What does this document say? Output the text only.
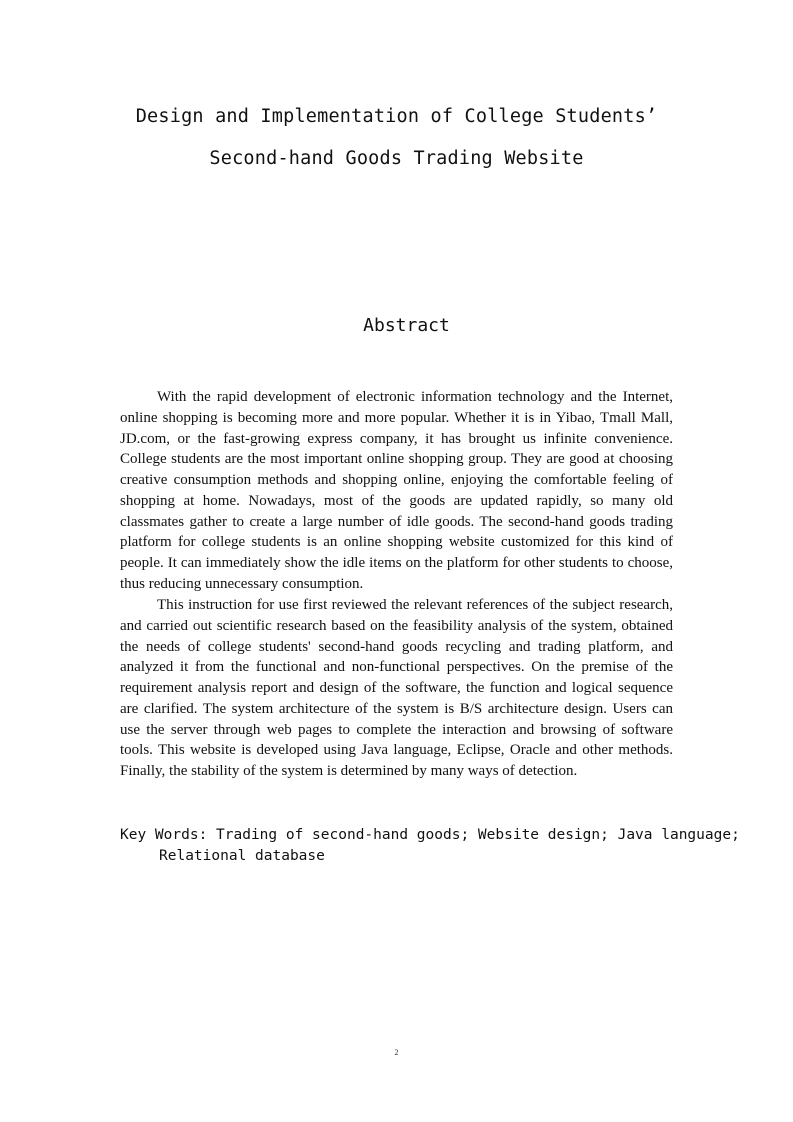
Design and Implementation of College Students’
Second-hand Goods Trading Website
Abstract

With the rapid development of electronic information technology and the Internet, online shopping is becoming more and more popular. Whether it is in Yibao, Tmall Mall, JD.com, or the fast-growing express company, it has brought us infinite convenience. College students are the most important online shopping group. They are good at choosing creative consumption methods and shopping online, enjoying the comfortable feeling of shopping at home. Nowadays, most of the goods are updated rapidly, so many old classmates gather to create a large number of idle goods. The second-hand goods trading platform for college students is an online shopping website customized for this kind of people. It can immediately show the idle items on the platform for other students to choose, thus reducing unnecessary consumption.

This instruction for use first reviewed the relevant references of the subject research, and carried out scientific research based on the feasibility analysis of the system, obtained the needs of college students' second-hand goods recycling and trading platform, and analyzed it from the functional and non-functional perspectives. On the premise of the requirement analysis report and design of the software, the function and logical sequence are clarified. The system architecture of the system is B/S architecture design. Users can use the server through web pages to complete the interaction and browsing of software tools. This website is developed using Java language, Eclipse, Oracle and other methods. Finally, the stability of the system is determined by many ways of detection.

Key Words: Trading of second-hand goods; Website design; Java language;
Relational database
2
